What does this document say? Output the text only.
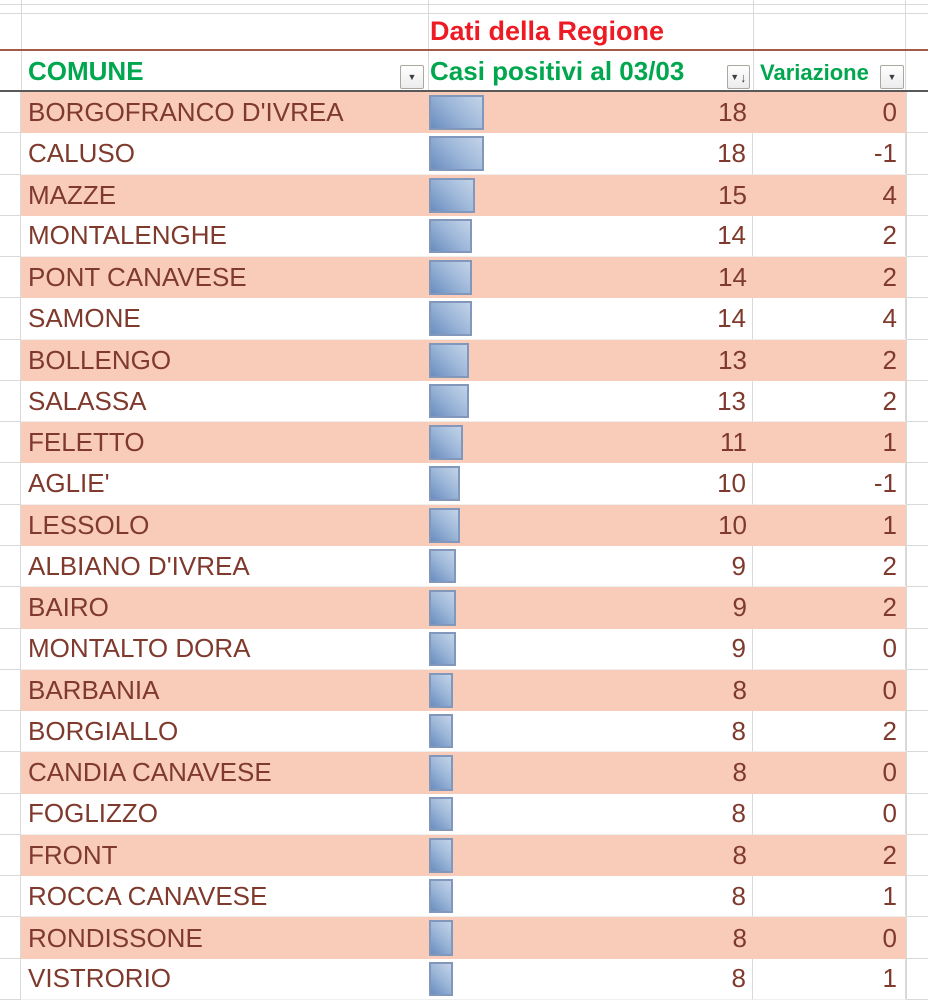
Dati della Regione
COMUNE	▼ Casi positivi al 03/03	▼ ↓ Variazione ▼
BORGOFRANCO D'IVREA	18	0
CALUSO	18	-1
MAZZE	15	4
MONTALENGHE	14	2
PONT CANAVESE	14	2
SAMONE	14	4
BOLLENGO	13	2
SALASSA	13	2
FELETTO	11	1
AGLIE'	10	-1
LESSOLO	10	1
ALBIANO D'IVREA	9	2
BAIRO	9	2
MONTALTO DORA	9	0
BARBANIA	8	0
BORGIALLO	8	2
CANDIA CANAVESE	8	0
FOGLIZZO	8	0
FRONT	8	2
ROCCA CANAVESE	8	1
RONDISSONE	8	0
VISTRORIO	8	1
